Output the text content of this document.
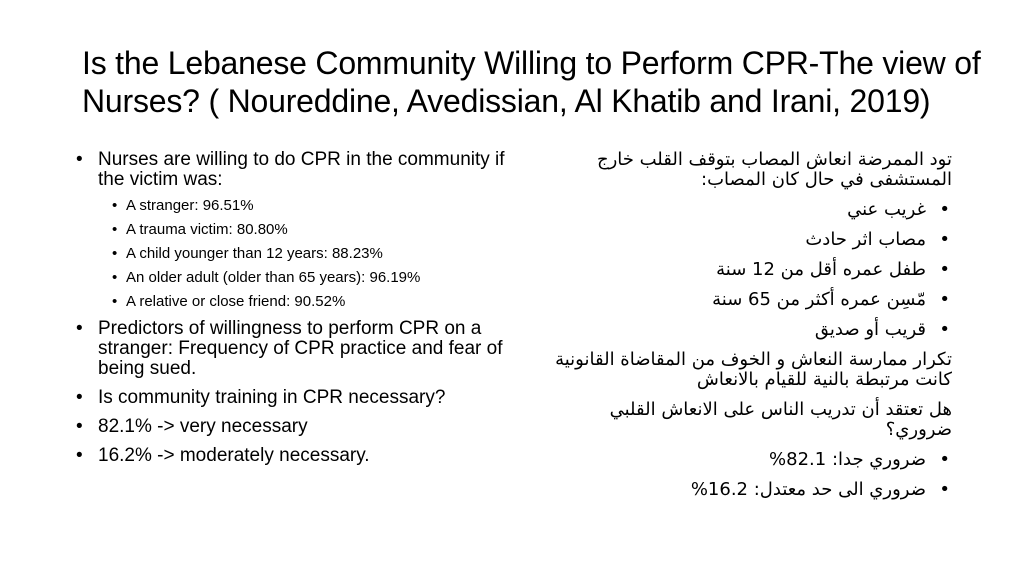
Is the Lebanese Community Willing to Perform CPR-The view of Nurses? ( Noureddine, Avedissian, Al Khatib and Irani, 2019)
• Nurses are willing to do CPR in the community if the victim was:
• A stranger: 96.51%
• A trauma victim: 80.80%
• A child younger than 12 years: 88.23%
• An older adult (older than 65 years): 96.19%
• A relative or close friend: 90.52%
• Predictors of willingness to perform CPR on a stranger: Frequency of CPR practice and fear of being sued.
• Is community training in CPR necessary?
• 82.1% -> very necessary
• 16.2% -> moderately necessary.

تود الممرضة انعاش المصاب بتوقف القلب خارج المستشفى في حال كان المصاب:

• غريب عني
• مصاب اثر حادث
• طفل عمره أقل من 12 سنة
• مّسِن عمره أكثر من 65 سنة
• قريب أو صديق

تكرار ممارسة النعاش و الخوف من المقاضاة القانونية كانت مرتبطة بالنية للقيام بالانعاش

هل تعتقد أن تدريب الناس على الانعاش القلبي ضروري؟

• ضروري جدا: 82.1%
• ضروري الى حد معتدل: 16.2%
